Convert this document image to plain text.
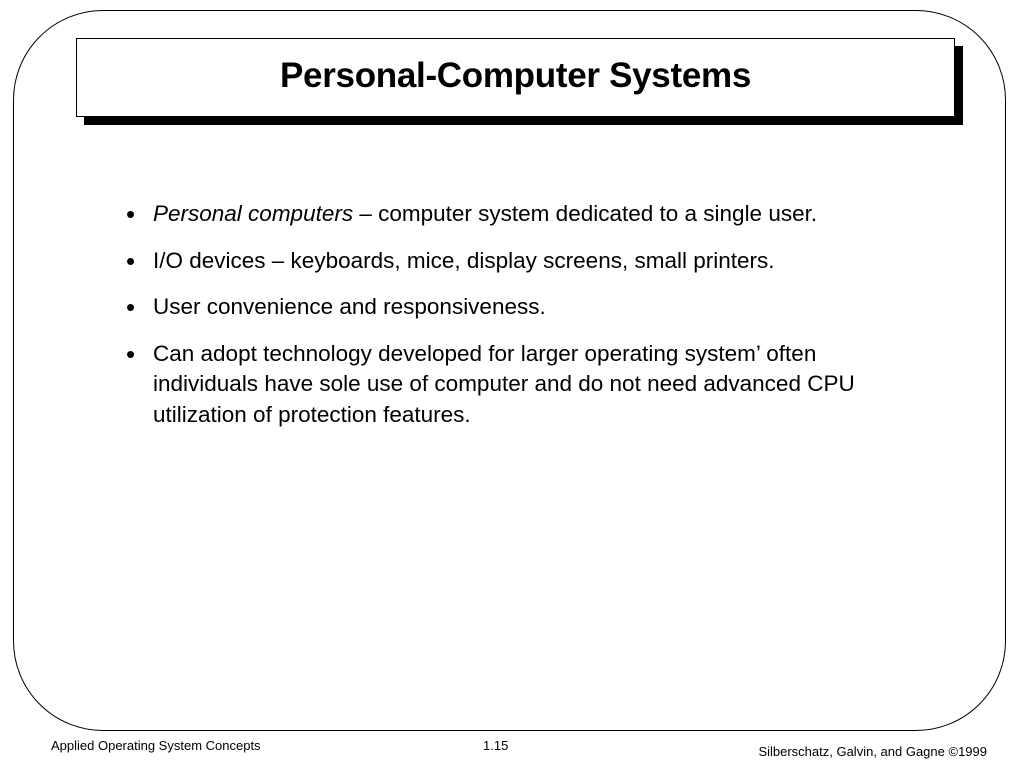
Personal-Computer Systems
• Personal computers – computer system dedicated to a single user.
• I/O devices – keyboards, mice, display screens, small printers.
• User convenience and responsiveness.
• Can adopt technology developed for larger operating system’ often individuals have sole use of computer and do not need advanced CPU utilization of protection features.
Applied Operating System Concepts	1.15	Silberschatz, Galvin, and Gagne ©1999
